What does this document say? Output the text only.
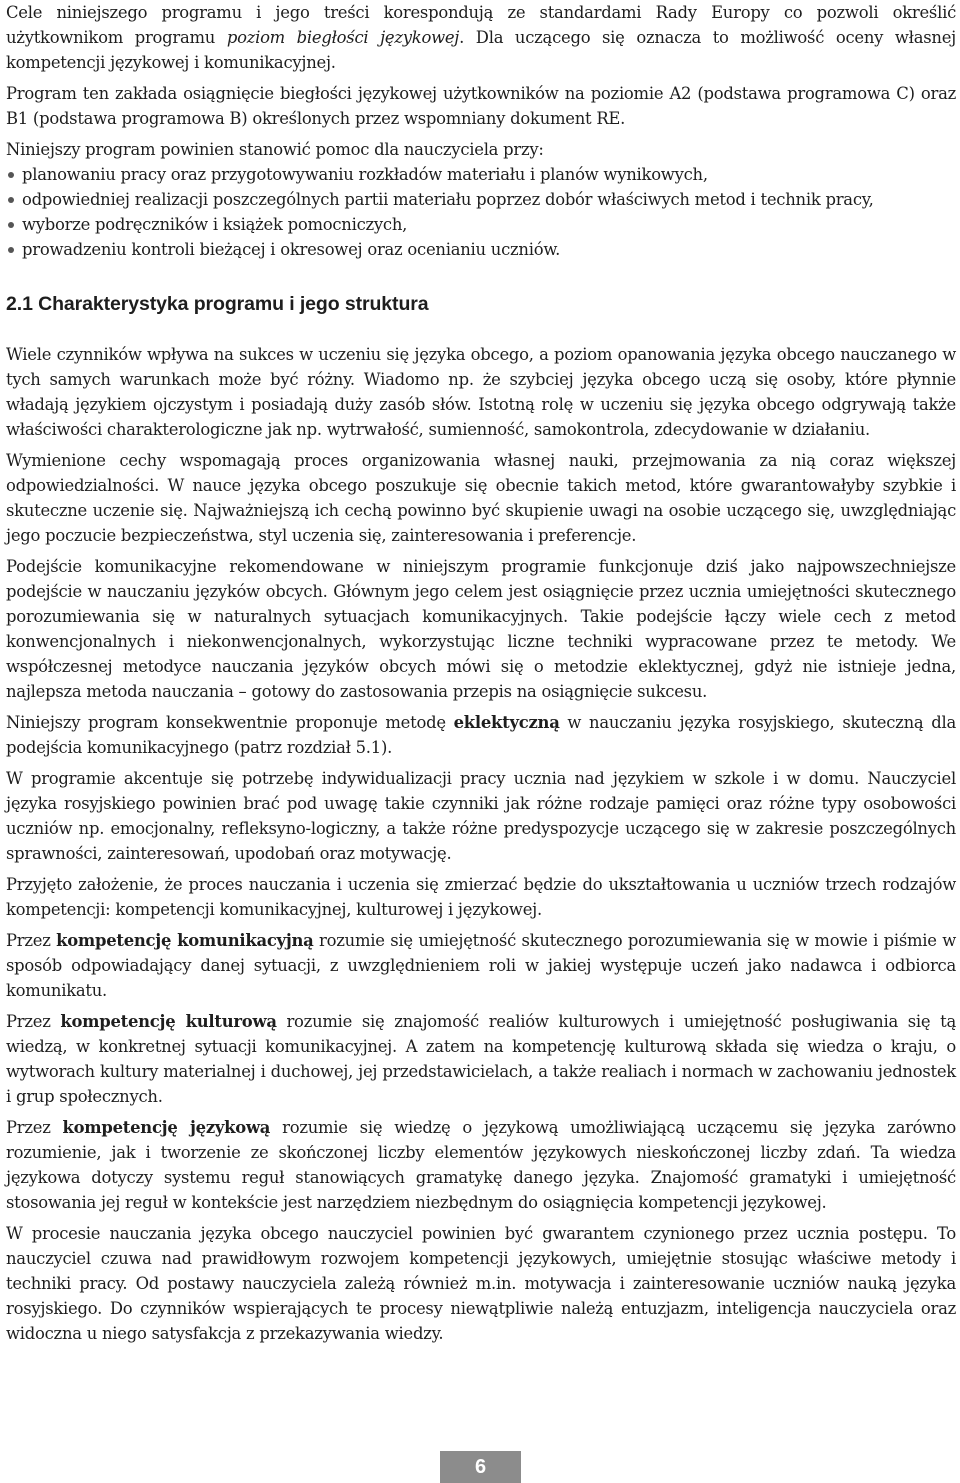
Cele niniejszego programu i jego treści korespondują ze standardami Rady Europy co pozwoli określić użytkownikom programu poziom biegłości językowej. Dla uczącego się oznacza to możliwość oceny własnej kompetencji językowej i komunikacyjnej.

Program ten zakłada osiągnięcie biegłości językowej użytkowników na poziomie A2 (podstawa programowa C) oraz B1 (podstawa programowa B) określonych przez wspomniany dokument RE.

Niniejszy program powinien stanowić pomoc dla nauczyciela przy:

planowaniu pracy oraz przygotowywaniu rozkładów materiału i planów wynikowych,
odpowiedniej realizacji poszczególnych partii materiału poprzez dobór właściwych metod i technik pracy,
wyborze podręczników i książek pomocniczych,
prowadzeniu kontroli bieżącej i okresowej oraz ocenianiu uczniów.
2.1 Charakterystyka programu i jego struktura

Wiele czynników wpływa na sukces w uczeniu się języka obcego, a poziom opanowania języka obcego nauczanego w tych samych warunkach może być różny. Wiadomo np. że szybciej języka obcego uczą się osoby, które płynnie władają językiem ojczystym i posiadają duży zasób słów. Istotną rolę w uczeniu się języka obcego odgrywają także właściwości charakterologiczne jak np. wytrwałość, sumienność, samokontrola, zdecydowanie w działaniu.

Wymienione cechy wspomagają proces organizowania własnej nauki, przejmowania za nią coraz większej odpowiedzialności. W nauce języka obcego poszukuje się obecnie takich metod, które gwarantowałyby szybkie i skuteczne uczenie się. Najważniejszą ich cechą powinno być skupienie uwagi na osobie uczącego się, uwzględniając jego poczucie bezpieczeństwa, styl uczenia się, zainteresowania i preferencje.

Podejście komunikacyjne rekomendowane w niniejszym programie funkcjonuje dziś jako najpowszechniejsze podejście w nauczaniu języków obcych. Głównym jego celem jest osiągnięcie przez ucznia umiejętności skutecznego porozumiewania się w naturalnych sytuacjach komunikacyjnych. Takie podejście łączy wiele cech z metod konwencjonalnych i niekonwencjonalnych, wykorzystując liczne techniki wypracowane przez te metody. We współczesnej metodyce nauczania języków obcych mówi się o metodzie eklektycznej, gdyż nie istnieje jedna, najlepsza metoda nauczania – gotowy do zastosowania przepis na osiągnięcie sukcesu.

Niniejszy program konsekwentnie proponuje metodę eklektyczną w nauczaniu języka rosyjskiego, skuteczną dla podejścia komunikacyjnego (patrz rozdział 5.1).

W programie akcentuje się potrzebę indywidualizacji pracy ucznia nad językiem w szkole i w domu. Nauczyciel języka rosyjskiego powinien brać pod uwagę takie czynniki jak różne rodzaje pamięci oraz różne typy osobowości uczniów np. emocjonalny, refleksyno-logiczny, a także różne predyspozycje uczącego się w zakresie poszczególnych sprawności, zainteresowań, upodobań oraz motywację.

Przyjęto założenie, że proces nauczania i uczenia się zmierzać będzie do ukształtowania u uczniów trzech rodzajów kompetencji: kompetencji komunikacyjnej, kulturowej i językowej.

Przez kompetencję komunikacyjną rozumie się umiejętność skutecznego porozumiewania się w mowie i piśmie w sposób odpowiadający danej sytuacji, z uwzględnieniem roli w jakiej występuje uczeń jako nadawca i odbiorca komunikatu.

Przez kompetencję kulturową rozumie się znajomość realiów kulturowych i umiejętność posługiwania się tą wiedzą, w konkretnej sytuacji komunikacyjnej. A zatem na kompetencję kulturową składa się wiedza o kraju, o wytworach kultury materialnej i duchowej, jej przedstawicielach, a także realiach i normach w zachowaniu jednostek i grup społecznych.

Przez kompetencję językową rozumie się wiedzę o językową umożliwiającą uczącemu się języka zarówno rozumienie, jak i tworzenie ze skończonej liczby elementów językowych nieskończonej liczby zdań. Ta wiedza językowa dotyczy systemu reguł stanowiących gramatykę danego języka. Znajomość gramatyki i umiejętność stosowania jej reguł w kontekście jest narzędziem niezbędnym do osiągnięcia kompetencji językowej.

W procesie nauczania języka obcego nauczyciel powinien być gwarantem czynionego przez ucznia postępu. To nauczyciel czuwa nad prawidłowym rozwojem kompetencji językowych, umiejętnie stosując właściwe metody i techniki pracy. Od postawy nauczyciela zależą również m.in. motywacja i zainteresowanie uczniów nauką języka rosyjskiego. Do czynników wspierających te procesy niewątpliwie należą entuzjazm, inteligencja nauczyciela oraz widoczna u niego satysfakcja z przekazywania wiedzy.

6
